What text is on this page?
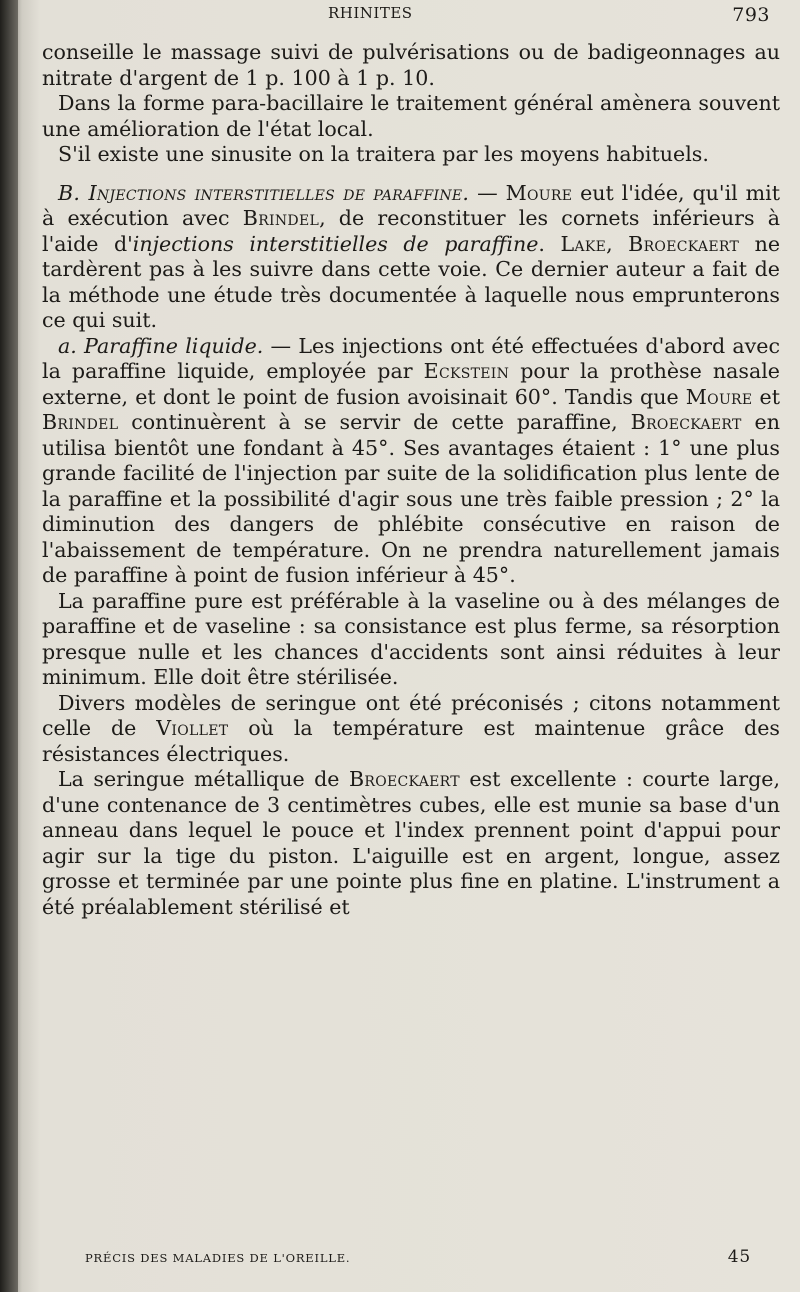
RHINITES	793

conseille le massage suivi de pulvérisations ou de badigeonnages au nitrate d'argent de 1 p. 100 à 1 p. 10.

Dans la forme para-bacillaire le traitement général amènera souvent une amélioration de l'état local.

S'il existe une sinusite on la traitera par les moyens habituels.

B. Injections interstitielles de paraffine. — Moure eut l'idée, qu'il mit à exécution avec Brindel, de reconstituer les cornets inférieurs à l'aide d'injections interstitielles de paraffine. Lake, Broeckaert ne tardèrent pas à les suivre dans cette voie. Ce dernier auteur a fait de la méthode une étude très documentée à laquelle nous emprunterons ce qui suit.

a. Paraffine liquide. — Les injections ont été effectuées d'abord avec la paraffine liquide, employée par Eckstein pour la prothèse nasale externe, et dont le point de fusion avoisinait 60°. Tandis que Moure et Brindel continuèrent à se servir de cette paraffine, Broeckaert en utilisa bientôt une fondant à 45°. Ses avantages étaient : 1° une plus grande facilité de l'injection par suite de la solidification plus lente de la paraffine et la possibilité d'agir sous une très faible pression ; 2° la diminution des dangers de phlébite consécutive en raison de l'abaissement de température. On ne prendra naturellement jamais de paraffine à point de fusion inférieur à 45°.

La paraffine pure est préférable à la vaseline ou à des mélanges de paraffine et de vaseline : sa consistance est plus ferme, sa résorption presque nulle et les chances d'accidents sont ainsi réduites à leur minimum. Elle doit être stérilisée.

Divers modèles de seringue ont été préconisés ; citons notamment celle de Viollet où la température est maintenue grâce des résistances électriques.

La seringue métallique de Broeckaert est excellente : courte large, d'une contenance de 3 centimètres cubes, elle est munie sa base d'un anneau dans lequel le pouce et l'index prennent point d'appui pour agir sur la tige du piston. L'aiguille est en argent, longue, assez grosse et terminée par une pointe plus fine en platine. L'instrument a été préalablement stérilisé et

PRÉCIS DES MALADIES DE L'OREILLE.	45
